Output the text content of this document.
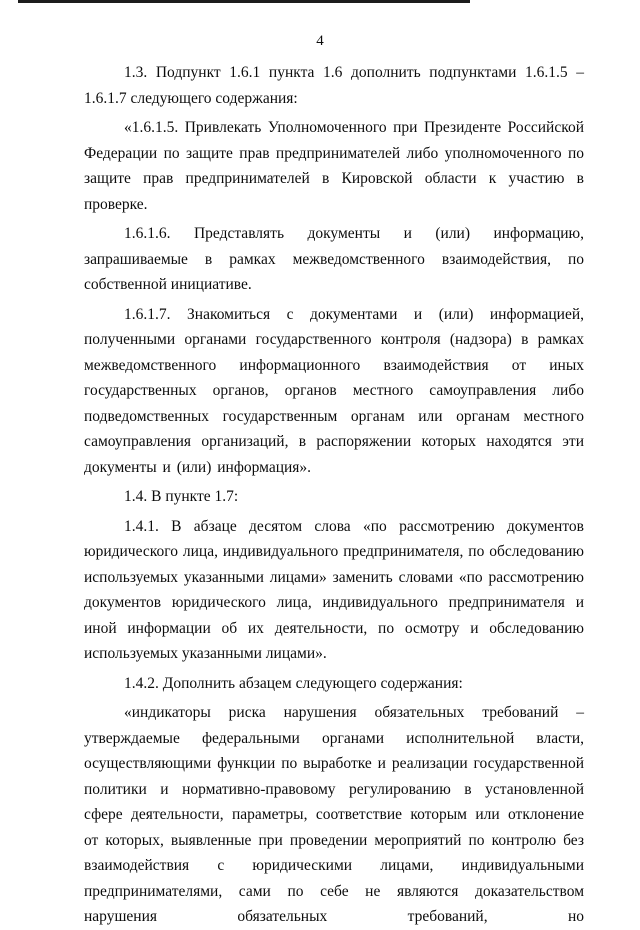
4

1.3. Подпункт 1.6.1 пункта 1.6 дополнить подпунктами 1.6.1.5 – 1.6.1.7 следующего содержания:

«1.6.1.5. Привлекать Уполномоченного при Президенте Российской Федерации по защите прав предпринимателей либо уполномоченного по защите прав предпринимателей в Кировской области к участию в проверке.

1.6.1.6. Представлять документы и (или) информацию, запрашиваемые в рамках межведомственного взаимодействия, по собственной инициативе.

1.6.1.7. Знакомиться с документами и (или) информацией, полученными органами государственного контроля (надзора) в рамках межведомственного информационного взаимодействия от иных государственных органов, органов местного самоуправления либо подведомственных государственным органам или органам местного самоуправления организаций, в распоряжении которых находятся эти документы и (или) информация».

1.4. В пункте 1.7:

1.4.1. В абзаце десятом слова «по рассмотрению документов юридического лица, индивидуального предпринимателя, по обследованию используемых указанными лицами» заменить словами «по рассмотрению документов юридического лица, индивидуального предпринимателя и иной информации об их деятельности, по осмотру и обследованию используемых указанными лицами».

1.4.2. Дополнить абзацем следующего содержания:

«индикаторы риска нарушения обязательных требований – утверждаемые федеральными органами исполнительной власти, осуществляющими функции по выработке и реализации государственной политики и нормативно-правовому регулированию в установленной сфере деятельности, параметры, соответствие которым или отклонение от которых, выявленные при проведении мероприятий по контролю без взаимодействия с юридическими лицами, индивидуальными предпринимателями, сами по себе не являются доказательством нарушения обязательных требований, но
